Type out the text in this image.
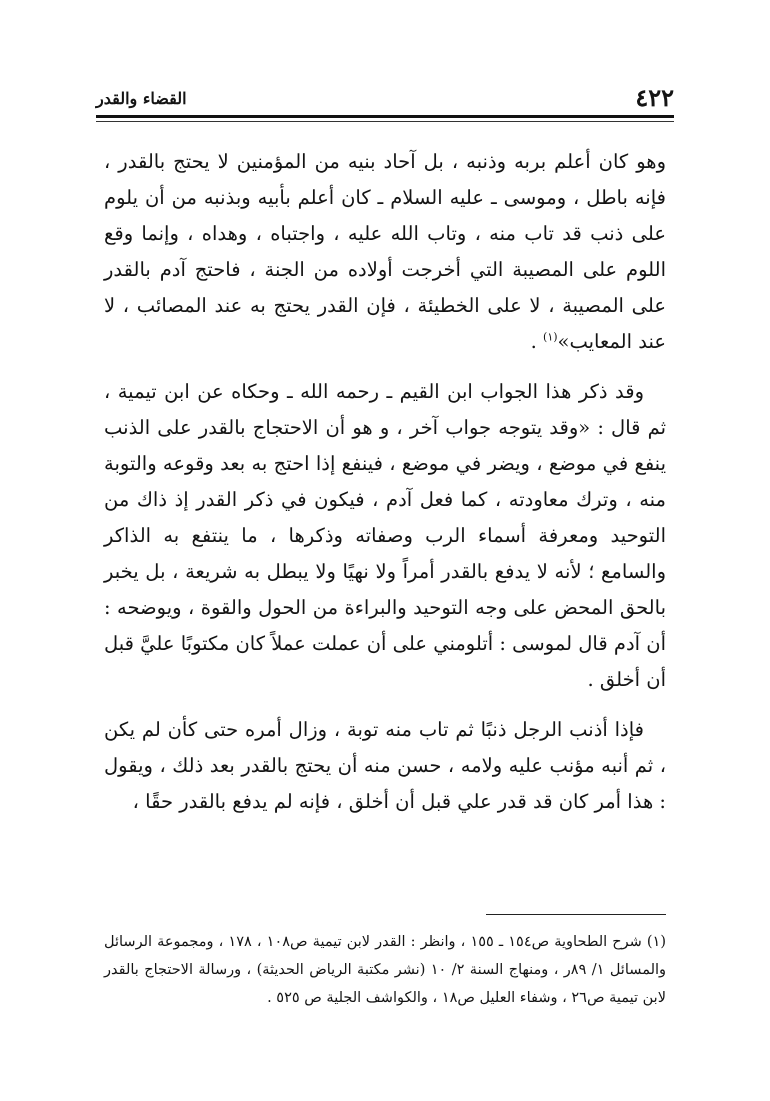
٤٢٢
القضاء والقدر

وهو كان أعلم بربه وذنبه ، بل آحاد بنيه من المؤمنين لا يحتج بالقدر ، فإنه باطل ، وموسى ـ عليه السلام ـ كان أعلم بأبيه وبذنبه من أن يلوم على ذنب قد تاب منه ، وتاب الله عليه ، واجتباه ، وهداه ، وإنما وقع اللوم على المصيبة التي أخرجت أولاده من الجنة ، فاحتج آدم بالقدر على المصيبة ، لا على الخطيئة ، فإن القدر يحتج به عند المصائب ، لا عند المعايب»$^{(١)}$ .

وقد ذكر هذا الجواب ابن القيم ـ رحمه الله ـ وحكاه عن ابن تيمية ، ثم قال : «وقد يتوجه جواب آخر ، و هو أن الاحتجاج بالقدر على الذنب ينفع في موضع ، ويضر في موضع ، فينفع إذا احتج به بعد وقوعه والتوبة منه ، وترك معاودته ، كما فعل آدم ، فيكون في ذكر القدر إذ ذاك من التوحيد ومعرفة أسماء الرب وصفاته وذكرها ، ما ينتفع به الذاكر والسامع ؛ لأنه لا يدفع بالقدر أمراً ولا نهيًا ولا يبطل به شريعة ، بل يخبر بالحق المحض على وجه التوحيد والبراءة من الحول والقوة ، ويوضحه : أن آدم قال لموسى : أتلومني على أن عملت عملاً كان مكتوبًا عليَّ قبل أن أخلق .

فإذا أذنب الرجل ذنبًا ثم تاب منه توبة ، وزال أمره حتى كأن لم يكن ، ثم أنبه مؤنب عليه ولامه ، حسن منه أن يحتج بالقدر بعد ذلك ، ويقول : هذا أمر كان قد قدر علي قبل أن أخلق ، فإنه لم يدفع بالقدر حقًا ،

(١) شرح الطحاوية ص١٥٤ ـ ١٥٥ ، وانظر : القدر لابن تيمية ص١٠٨ ، ١٧٨ ، ومجموعة الرسائل والمسائل ١/ ٨٩ر ، ومنهاج السنة ٢/ ١٠ (نشر مكتبة الرياض الحديثة) ، ورسالة الاحتجاج بالقدر لابن تيمية ص٢٦ ، وشفاء العليل ص١٨ ، والكواشف الجلية ص ٥٢٥ .
